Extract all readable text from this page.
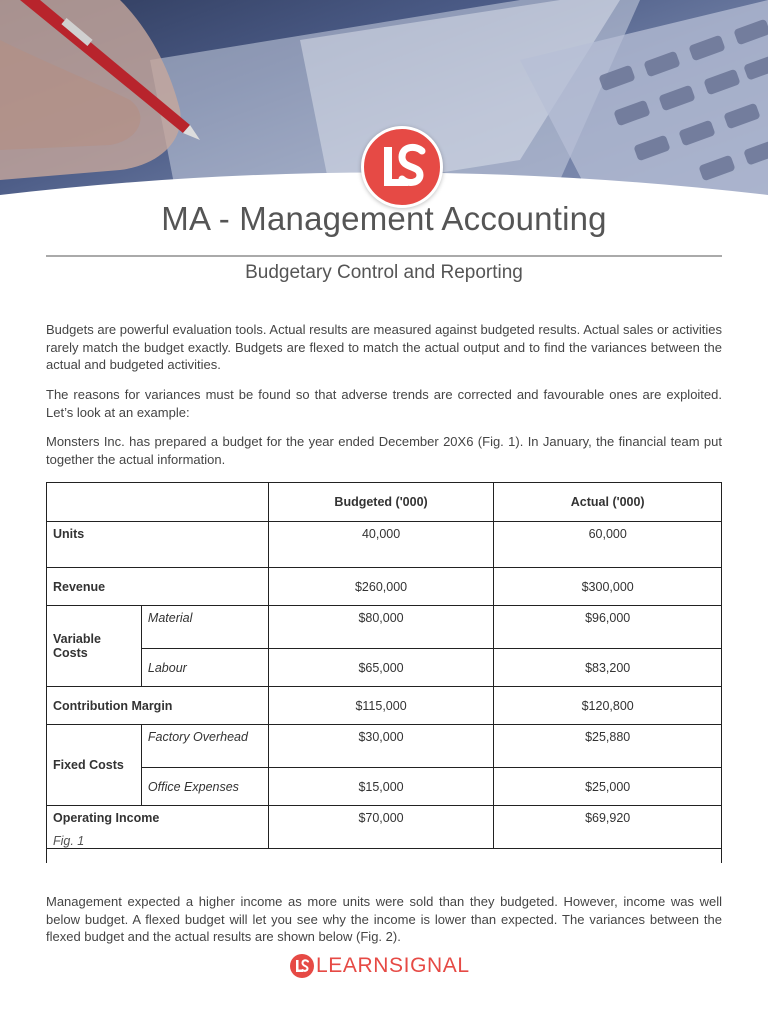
MA - Management Accounting
Budgetary Control and Reporting

Budgets are powerful evaluation tools. Actual results are measured against budgeted results. Actual sales or activities rarely match the budget exactly. Budgets are flexed to match the actual output and to find the variances between the actual and budgeted activities.

The reasons for variances must be found so that adverse trends are corrected and favourable ones are exploited. Let’s look at an example:

Monsters Inc. has prepared a budget for the year ended December 20X6 (Fig. 1). In January, the financial team put together the actual information.

		Budgeted ('000)	Actual ('000)
Units		40,000	60,000
Revenue		$260,000	$300,000
Variable Costs	Material	$80,000	$96,000
	Labour	$65,000	$83,200
Contribution Margin		$115,000	$120,800
Fixed Costs	Factory Overhead	$30,000	$25,880
	Office Expenses	$15,000	$25,000
Operating Income		$70,000	$69,920
Fig. 1

Management expected a higher income as more units were sold than they budgeted. However, income was well below budget. A flexed budget will let you see why the income is lower than expected. The variances between the flexed budget and the actual results are shown below (Fig. 2).

LEARNSIGNAL
